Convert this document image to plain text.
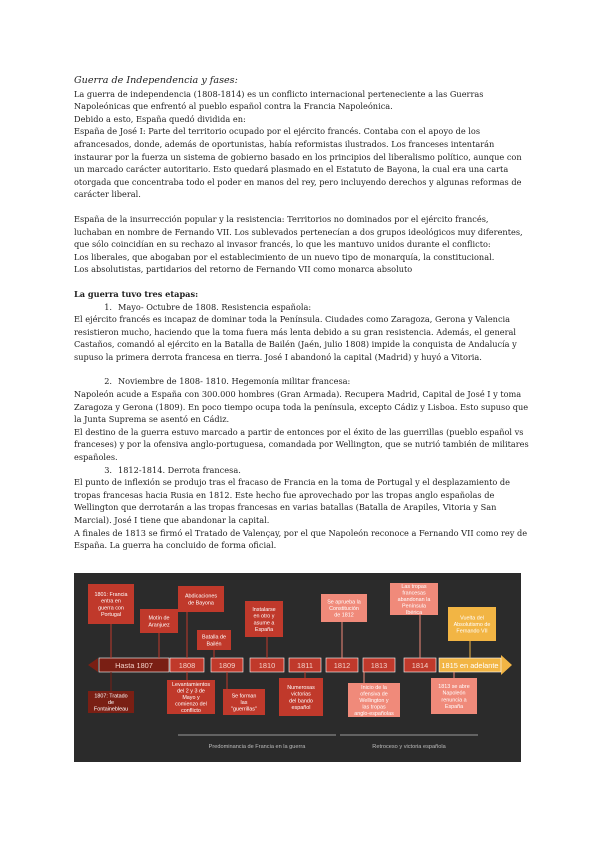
Guerra de Independencia y fases:

La guerra de independencia (1808-1814) es un conflicto internacional perteneciente a las Guerras Napoleónicas que enfrentó al pueblo español contra la Francia Napoleónica.

Debido a esto, España quedó dividida en:

España de José I: Parte del territorio ocupado por el ejército francés. Contaba con el apoyo de los afrancesados, donde, además de oportunistas, había reformistas ilustrados. Los franceses intentarán instaurar por la fuerza un sistema de gobierno basado en los principios del liberalismo político, aunque con un marcado carácter autoritario. Esto quedará plasmado en el Estatuto de Bayona, la cual era una carta otorgada que concentraba todo el poder en manos del rey, pero incluyendo derechos y algunas reformas de carácter liberal.

España de la insurrección popular y la resistencia: Territorios no dominados por el ejército francés, luchaban en nombre de Fernando VII. Los sublevados pertenecían a dos grupos ideológicos muy diferentes, que sólo coincidían en su rechazo al invasor francés, lo que les mantuvo unidos durante el conflicto:

Los liberales, que abogaban por el establecimiento de un nuevo tipo de monarquía, la constitucional.

Los absolutistas, partidarios del retorno de Fernando VII como monarca absoluto

La guerra tuvo tres etapas:

1. Mayo- Octubre de 1808. Resistencia española:

El ejército francés es incapaz de dominar toda la Península. Ciudades como Zaragoza, Gerona y Valencia resistieron mucho, haciendo que la toma fuera más lenta debido a su gran resistencia. Además, el general Castaños, comandó al ejército en la Batalla de Bailén (Jaén, julio 1808) impide la conquista de Andalucía y supuso la primera derrota francesa en tierra. José I abandonó la capital (Madrid) y huyó a Vitoria.

2. Noviembre de 1808- 1810. Hegemonía militar francesa:

Napoleón acude a España con 300.000 hombres (Gran Armada). Recupera Madrid, Capital de José I y toma Zaragoza y Gerona (1809). En poco tiempo ocupa toda la península, excepto Cádiz y Lisboa. Esto supuso que la Junta Suprema se asentó en Cádiz.

El destino de la guerra estuvo marcado a partir de entonces por el éxito de las guerrillas (pueblo español vs franceses) y por la ofensiva anglo-portuguesa, comandada por Wellington, que se nutrió también de militares españoles.

3. 1812-1814. Derrota francesa.

El punto de inflexión se produjo tras el fracaso de Francia en la toma de Portugal y el desplazamiento de tropas francesas hacia Rusia en 1812. Este hecho fue aprovechado por las tropas anglo españolas de Wellington que derrotarán a las tropas francesas en varias batallas (Batalla de Arapiles, Vitoria y San Marcial). José I tiene que abandonar la capital.

A finales de 1813 se firmó el Tratado de Valençay, por el que Napoleón reconoce a Fernando VII como rey de España. La guerra ha concluido de forma oficial.

Hasta 1807	1808	1809	1810	1811	1812	1813	1814 1815 en adelante
1801: Francia entra en guerra con Portugal
Motín de Aranjuez
Abdicaciones de Bayona
Batalla de Bailén
Instalarse en otro y asume a España
Se aprueba la Constitución de 1812
Las tropas francesas abandonan la Península Ibérica
Vuelta del Absolutismo de Fernando VII
1807: Tratado de Fontainebleau
Levantamientos del 2 y 3 de Mayo y comienzo del conflicto
Se forman las "guerrillas"
Numerosas victorias del bando español
Inicio de la ofensiva de Wellington y las tropas anglo-españolas
1813 se abre Napoleón renuncia a España
Predominancia de Francia en la guerra	Retroceso y victoria española
